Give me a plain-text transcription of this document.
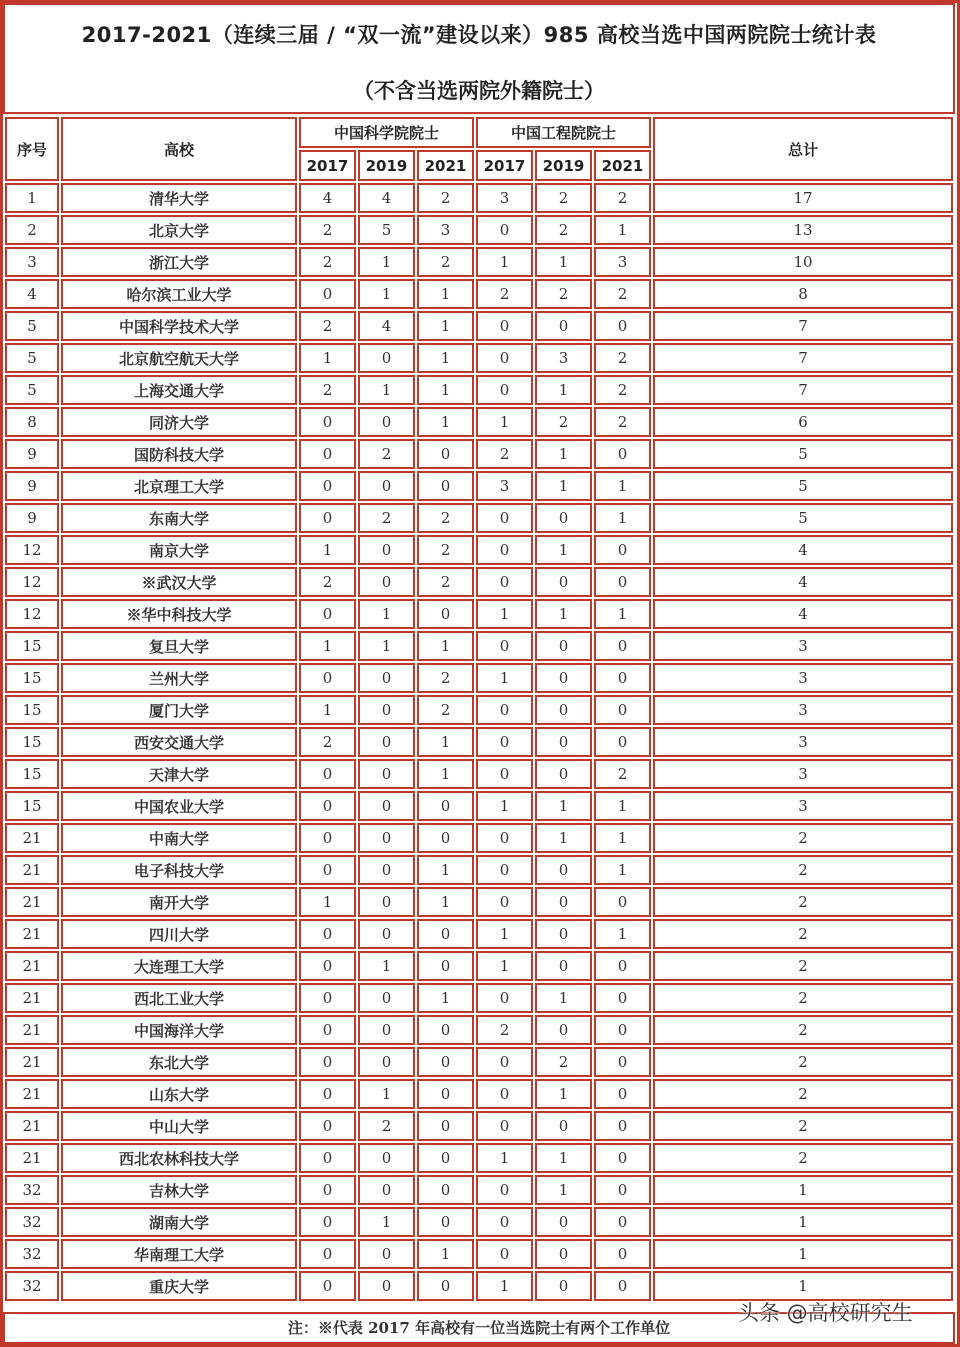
2017-2021（连续三届 / “双一流”建设以来）985 高校当选中国两院院士统计表
（不含当选两院外籍院士）
序号	高校	中国科学院院士			中国工程院院士			总计
		2017	2019	2021	2017	2019	2021	
1	清华大学	4	4	2	3	2	2	17
2	北京大学	2	5	3	0	2	1	13
3	浙江大学	2	1	2	1	1	3	10
4	哈尔滨工业大学	0	1	1	2	2	2	8
5	中国科学技术大学	2	4	1	0	0	0	7
5	北京航空航天大学	1	0	1	0	3	2	7
5	上海交通大学	2	1	1	0	1	2	7
8	同济大学	0	0	1	1	2	2	6
9	国防科技大学	0	2	0	2	1	0	5
9	北京理工大学	0	0	0	3	1	1	5
9	东南大学	0	2	2	0	0	1	5
12	南京大学	1	0	2	0	1	0	4
12	※武汉大学	2	0	2	0	0	0	4
12	※华中科技大学	0	1	0	1	1	1	4
15	复旦大学	1	1	1	0	0	0	3
15	兰州大学	0	0	2	1	0	0	3
15	厦门大学	1	0	2	0	0	0	3
15	西安交通大学	2	0	1	0	0	0	3
15	天津大学	0	0	1	0	0	2	3
15	中国农业大学	0	0	0	1	1	1	3
21	中南大学	0	0	0	0	1	1	2
21	电子科技大学	0	0	1	0	0	1	2
21	南开大学	1	0	1	0	0	0	2
21	四川大学	0	0	0	1	0	1	2
21	大连理工大学	0	1	0	1	0	0	2
21	西北工业大学	0	0	1	0	1	0	2
21	中国海洋大学	0	0	0	2	0	0	2
21	东北大学	0	0	0	0	2	0	2
21	山东大学	0	1	0	0	1	0	2
21	中山大学	0	2	0	0	0	0	2
21	西北农林科技大学	0	0	0	1	1	0	2
32	吉林大学	0	0	0	0	1	0	1
32	湖南大学	0	1	0	0	0	0	1
32	华南理工大学	0	0	1	0	0	0	1
32	重庆大学	0	0	0	1	0	0	1
注：※代表 2017 年高校有一位当选院士有两个工作单位
头条 @高校研究生
